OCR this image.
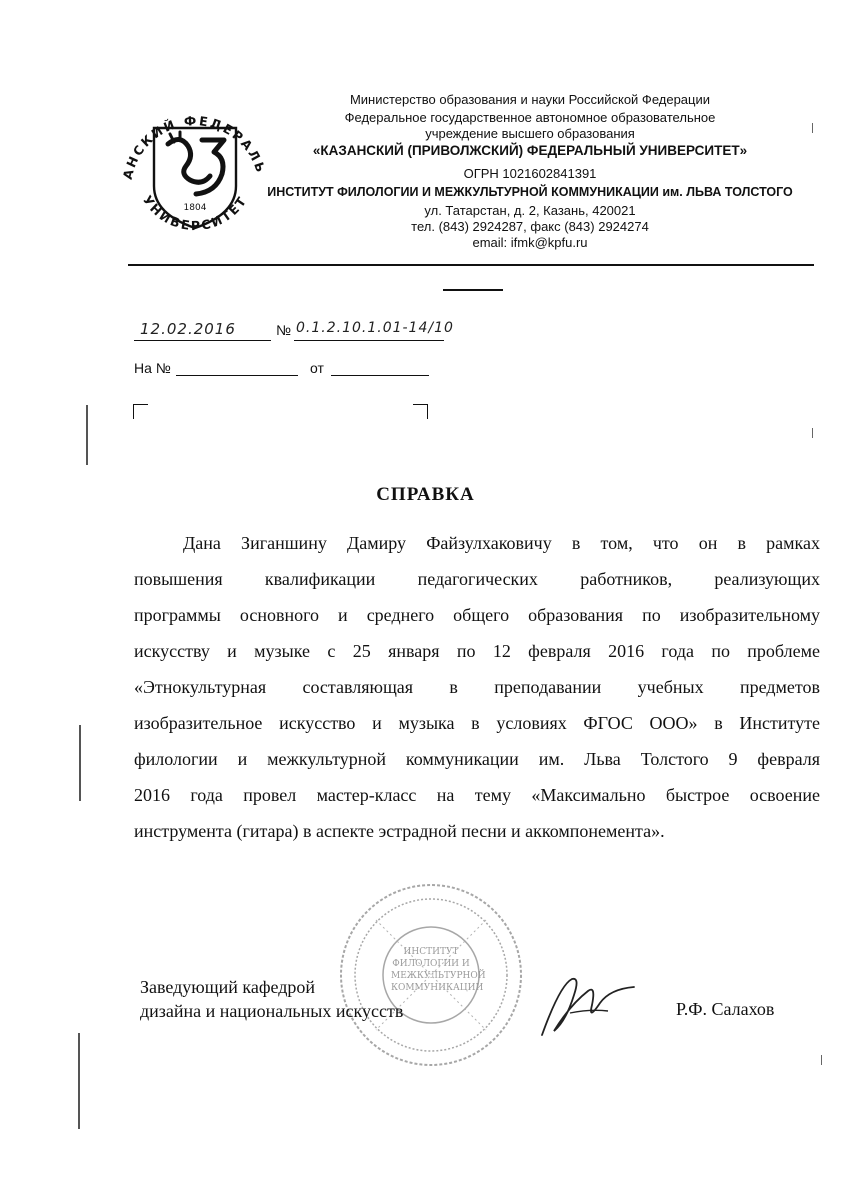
АНСКИЙ ФЕДЕРАЛЬ
УНИВЕРСИТЕТ
1804
Министерство образования и науки Российской Федерации
Федеральное государственное автономное образовательное
учреждение высшего образования
«КАЗАНСКИЙ (ПРИВОЛЖСКИЙ) ФЕДЕРАЛЬНЫЙ УНИВЕРСИТЕТ»
ОГРН 1021602841391
ИНСТИТУТ ФИЛОЛОГИИ И МЕЖКУЛЬТУРНОЙ КОММУНИКАЦИИ им. ЛЬВА ТОЛСТОГО
ул. Татарстан, д. 2, Казань, 420021
тел. (843) 2924287, факс (843) 2924274
email: ifmk@kpfu.ru
12.02.2016	№ 0.1.2.10.1.01-14/10
На №	от
СПРАВКА
Дана Зиганшину Дамиру Файзулхаковичу в том, что он в рамках
повышения квалификации педагогических работников, реализующих
программы основного и среднего общего образования по изобразительному
искусству и музыке с 25 января по 12 февраля 2016 года по проблеме
«Этнокультурная составляющая в преподавании учебных предметов
изобразительное искусство и музыка в условиях ФГОС ООО» в Институте
филологии и межкультурной коммуникации им. Льва Толстого 9 февраля
2016 года провел мастер-класс на тему «Максимально быстрое освоение
инструмента (гитара) в аспекте эстрадной песни и аккомпонемента».
ИНСТИТУТ ФИЛОЛОГИИ И МЕЖКУЛЬТУРНОЙ КОММУНИКАЦИИ
Заведующий кафедрой
дизайна и национальных искусств	Р.Ф. Салахов
